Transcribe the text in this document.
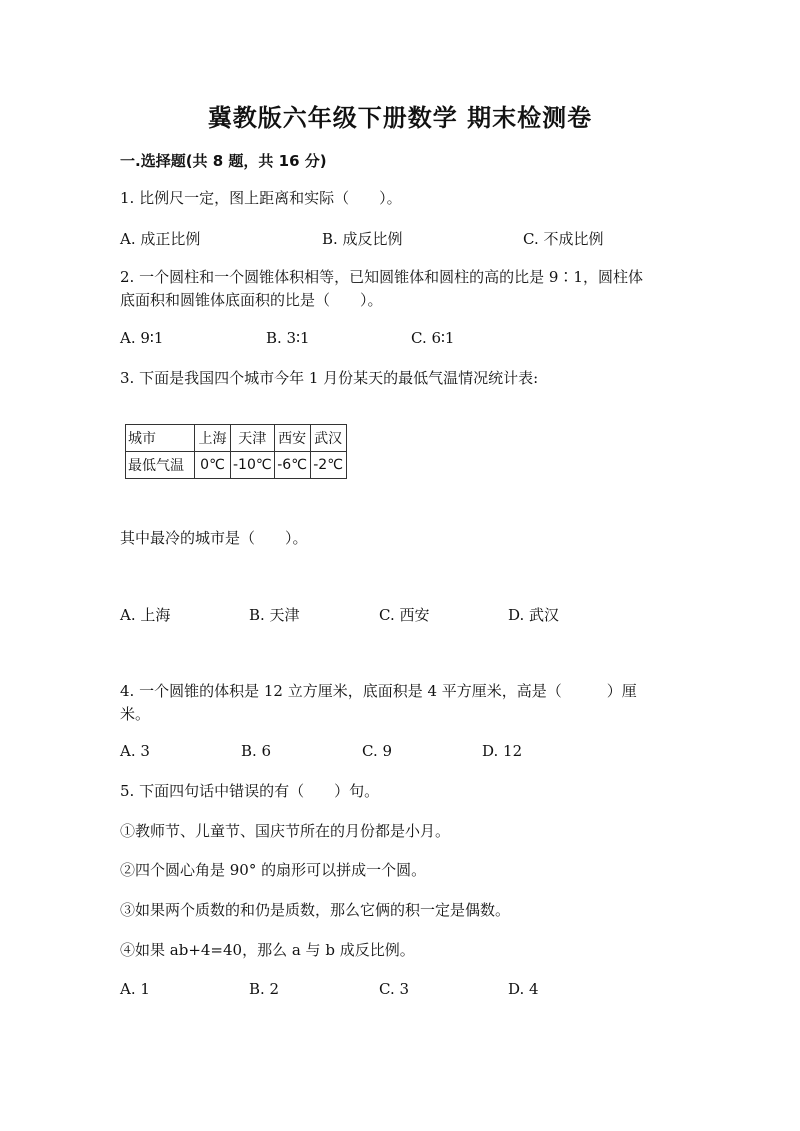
冀教版六年级下册数学 期末检测卷
一.选择题(共 8 题，共 16 分)
1. 比例尺一定，图上距离和实际（　　）。
A. 成正比例	B. 成反比例	C. 不成比例
2. 一个圆柱和一个圆锥体积相等，已知圆锥体和圆柱的高的比是 9∶1，圆柱体
底面积和圆锥体底面积的比是（　　）。
A. 9∶1	B. 3∶1	C. 6∶1
3. 下面是我国四个城市今年 1 月份某天的最低气温情况统计表:
城市	上海	天津	西安	武汉
最低气温	0℃	-10℃	-6℃	-2℃
其中最冷的城市是（　　）。
A. 上海	B. 天津	C. 西安	D. 武汉
4. 一个圆锥的体积是 12 立方厘米，底面积是 4 平方厘米，高是（　　　）厘
米。
A. 3	B. 6	C. 9	D. 12
5. 下面四句话中错误的有（　　）句。
①教师节、儿童节、国庆节所在的月份都是小月。
②四个圆心角是 90° 的扇形可以拼成一个圆。
③如果两个质数的和仍是质数，那么它俩的积一定是偶数。
④如果 ab+4=40，那么 a 与 b 成反比例。
A. 1	B. 2	C. 3	D. 4
